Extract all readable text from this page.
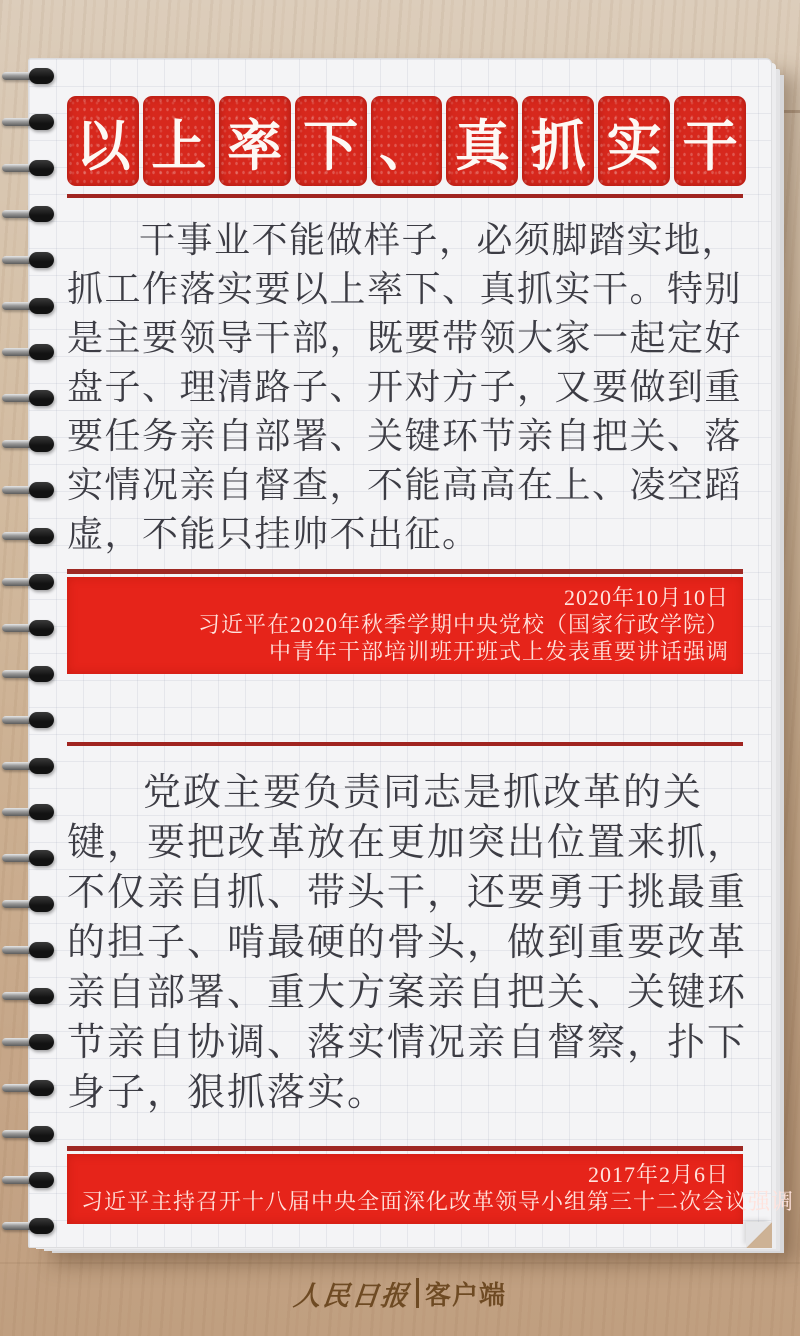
以 上 率 下 、 真 抓 实 干
干事业不能做样子，必须脚踏实地，
抓工作落实要以上率下、真抓实干。特别
是主要领导干部，既要带领大家一起定好
盘子、理清路子、开对方子，又要做到重
要任务亲自部署、关键环节亲自把关、落
实情况亲自督查，不能高高在上、凌空蹈
虚，不能只挂帅不出征。
2020年10月10日
习近平在2020年秋季学期中央党校（国家行政学院）
中青年干部培训班开班式上发表重要讲话强调
党政主要负责同志是抓改革的关
键，要把改革放在更加突出位置来抓，
不仅亲自抓、带头干，还要勇于挑最重
的担子、啃最硬的骨头，做到重要改革
亲自部署、重大方案亲自把关、关键环
节亲自协调、落实情况亲自督察，扑下
身子，狠抓落实。
2017年2月6日
习近平主持召开十八届中央全面深化改革领导小组第三十二次会议强调
人民日报 客户端
